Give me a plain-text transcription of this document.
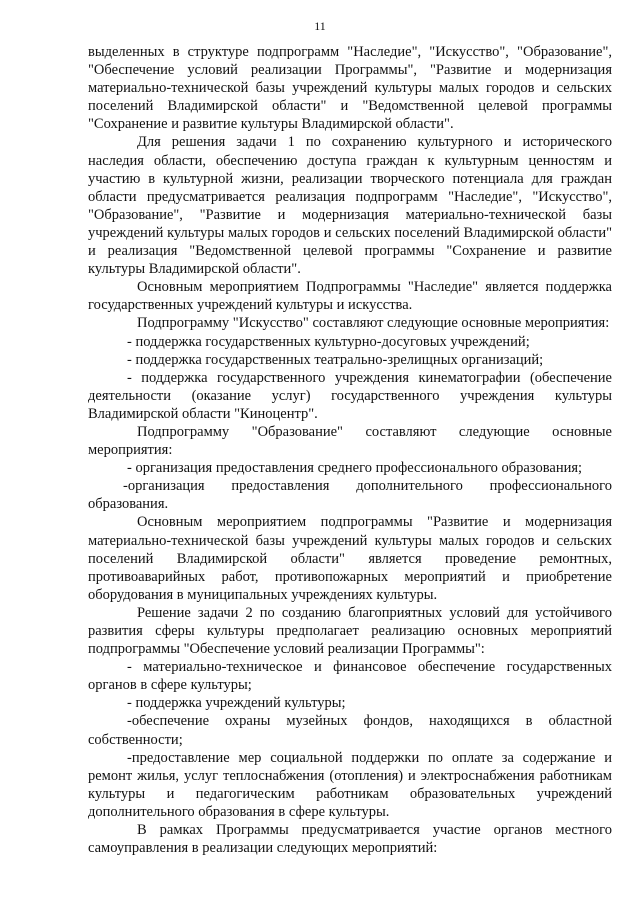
11

выделенных в структуре подпрограмм "Наследие", "Искусство", "Образование", "Обеспечение условий реализации Программы", "Развитие и модернизация материально-технической базы учреждений культуры малых городов и сельских поселений Владимирской области" и "Ведомственной целевой программы "Сохранение и развитие культуры Владимирской области".

Для решения задачи 1 по сохранению культурного и исторического наследия области, обеспечению доступа граждан к культурным ценностям и участию в культурной жизни, реализации творческого потенциала для граждан области предусматривается реализация подпрограмм "Наследие", "Искусство", "Образование", "Развитие и модернизация материально-технической базы учреждений культуры малых городов и сельских поселений Владимирской области" и реализация "Ведомственной целевой программы "Сохранение и развитие культуры Владимирской области".

Основным мероприятием Подпрограммы "Наследие" является поддержка государственных учреждений культуры и искусства.

Подпрограмму "Искусство" составляют следующие основные мероприятия:

- поддержка государственных культурно-досуговых учреждений;

- поддержка государственных театрально-зрелищных организаций;

- поддержка государственного учреждения кинематографии (обеспечение деятельности (оказание услуг) государственного учреждения культуры Владимирской области "Киноцентр".

Подпрограмму "Образование" составляют следующие основные мероприятия:

- организация предоставления среднего профессионального образования;

-организация предоставления дополнительного профессионального образования.

Основным мероприятием подпрограммы "Развитие и модернизация материально-технической базы учреждений культуры малых городов и сельских поселений Владимирской области" является проведение ремонтных, противоаварийных работ, противопожарных мероприятий и приобретение оборудования в муниципальных учреждениях культуры.

Решение задачи 2 по созданию благоприятных условий для устойчивого развития сферы культуры предполагает реализацию основных мероприятий подпрограммы "Обеспечение условий реализации Программы":

- материально-техническое и финансовое обеспечение государственных органов в сфере культуры;

- поддержка учреждений культуры;

-обеспечение охраны музейных фондов, находящихся в областной собственности;

-предоставление мер социальной поддержки по оплате за содержание и ремонт жилья, услуг теплоснабжения (отопления) и электроснабжения работникам культуры и педагогическим работникам образовательных учреждений дополнительного образования в сфере культуры.

В рамках Программы предусматривается участие органов местного самоуправления в реализации следующих мероприятий:
